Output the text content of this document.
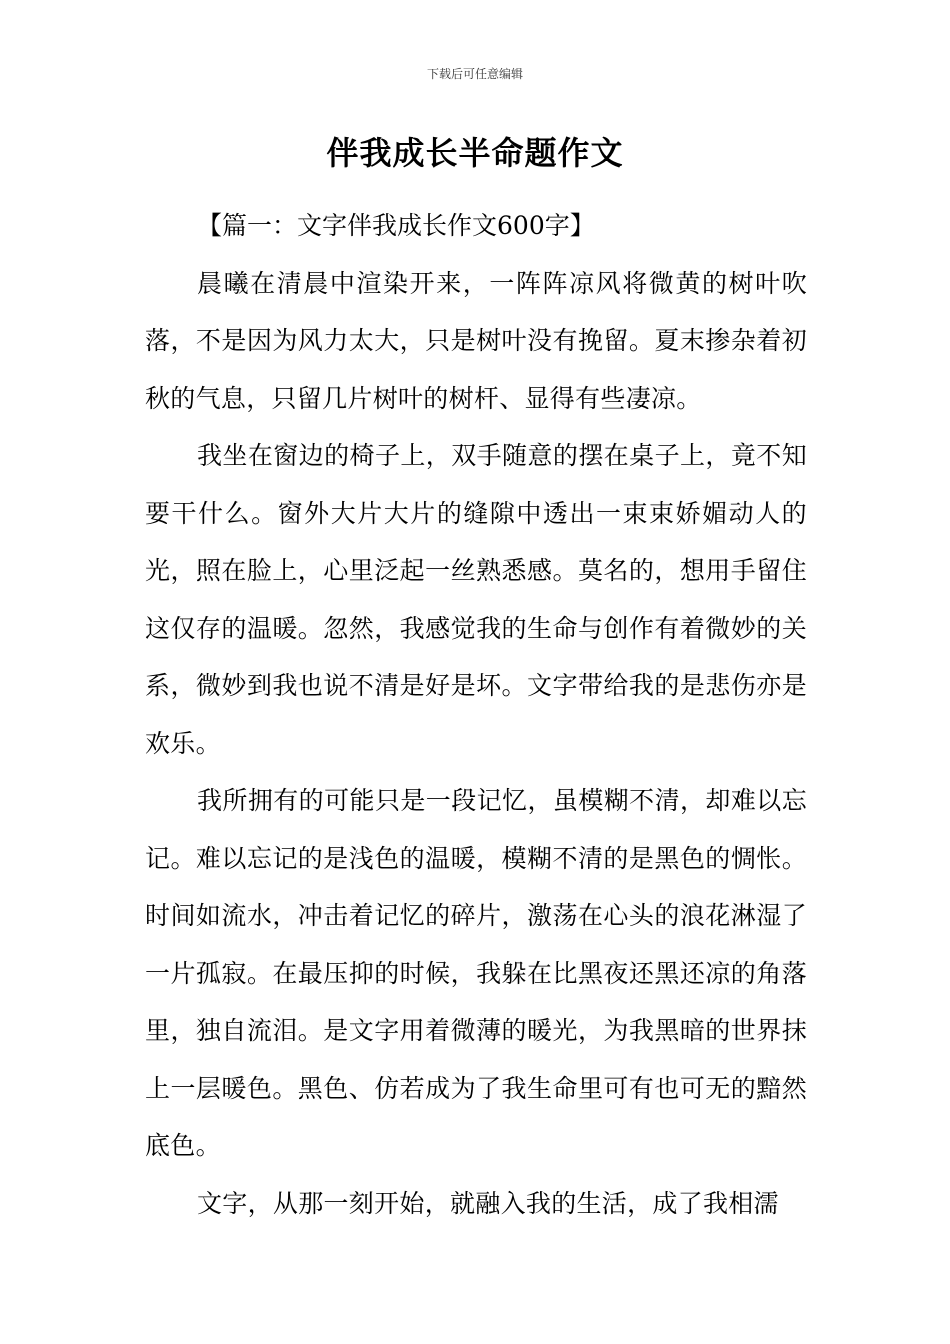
下载后可任意编辑
伴我成长半命题作文

【篇一：文字伴我成长作文600字】

晨曦在清晨中渲染开来，一阵阵凉风将微黄的树叶吹落，不是因为风力太大，只是树叶没有挽留。夏末掺杂着初秋的气息，只留几片树叶的树杆、显得有些凄凉。

我坐在窗边的椅子上，双手随意的摆在桌子上，竟不知要干什么。窗外大片大片的缝隙中透出一束束娇媚动人的光，照在脸上，心里泛起一丝熟悉感。莫名的，想用手留住这仅存的温暖。忽然，我感觉我的生命与创作有着微妙的关系，微妙到我也说不清是好是坏。文字带给我的是悲伤亦是欢乐。

我所拥有的可能只是一段记忆，虽模糊不清，却难以忘记。难以忘记的是浅色的温暖，模糊不清的是黑色的惆怅。时间如流水，冲击着记忆的碎片，激荡在心头的浪花淋湿了一片孤寂。在最压抑的时候，我躲在比黑夜还黑还凉的角落里，独自流泪。是文字用着微薄的暖光，为我黑暗的世界抹上一层暖色。黑色、仿若成为了我生命里可有也可无的黯然底色。

文字，从那一刻开始，就融入我的生活，成了我相濡
